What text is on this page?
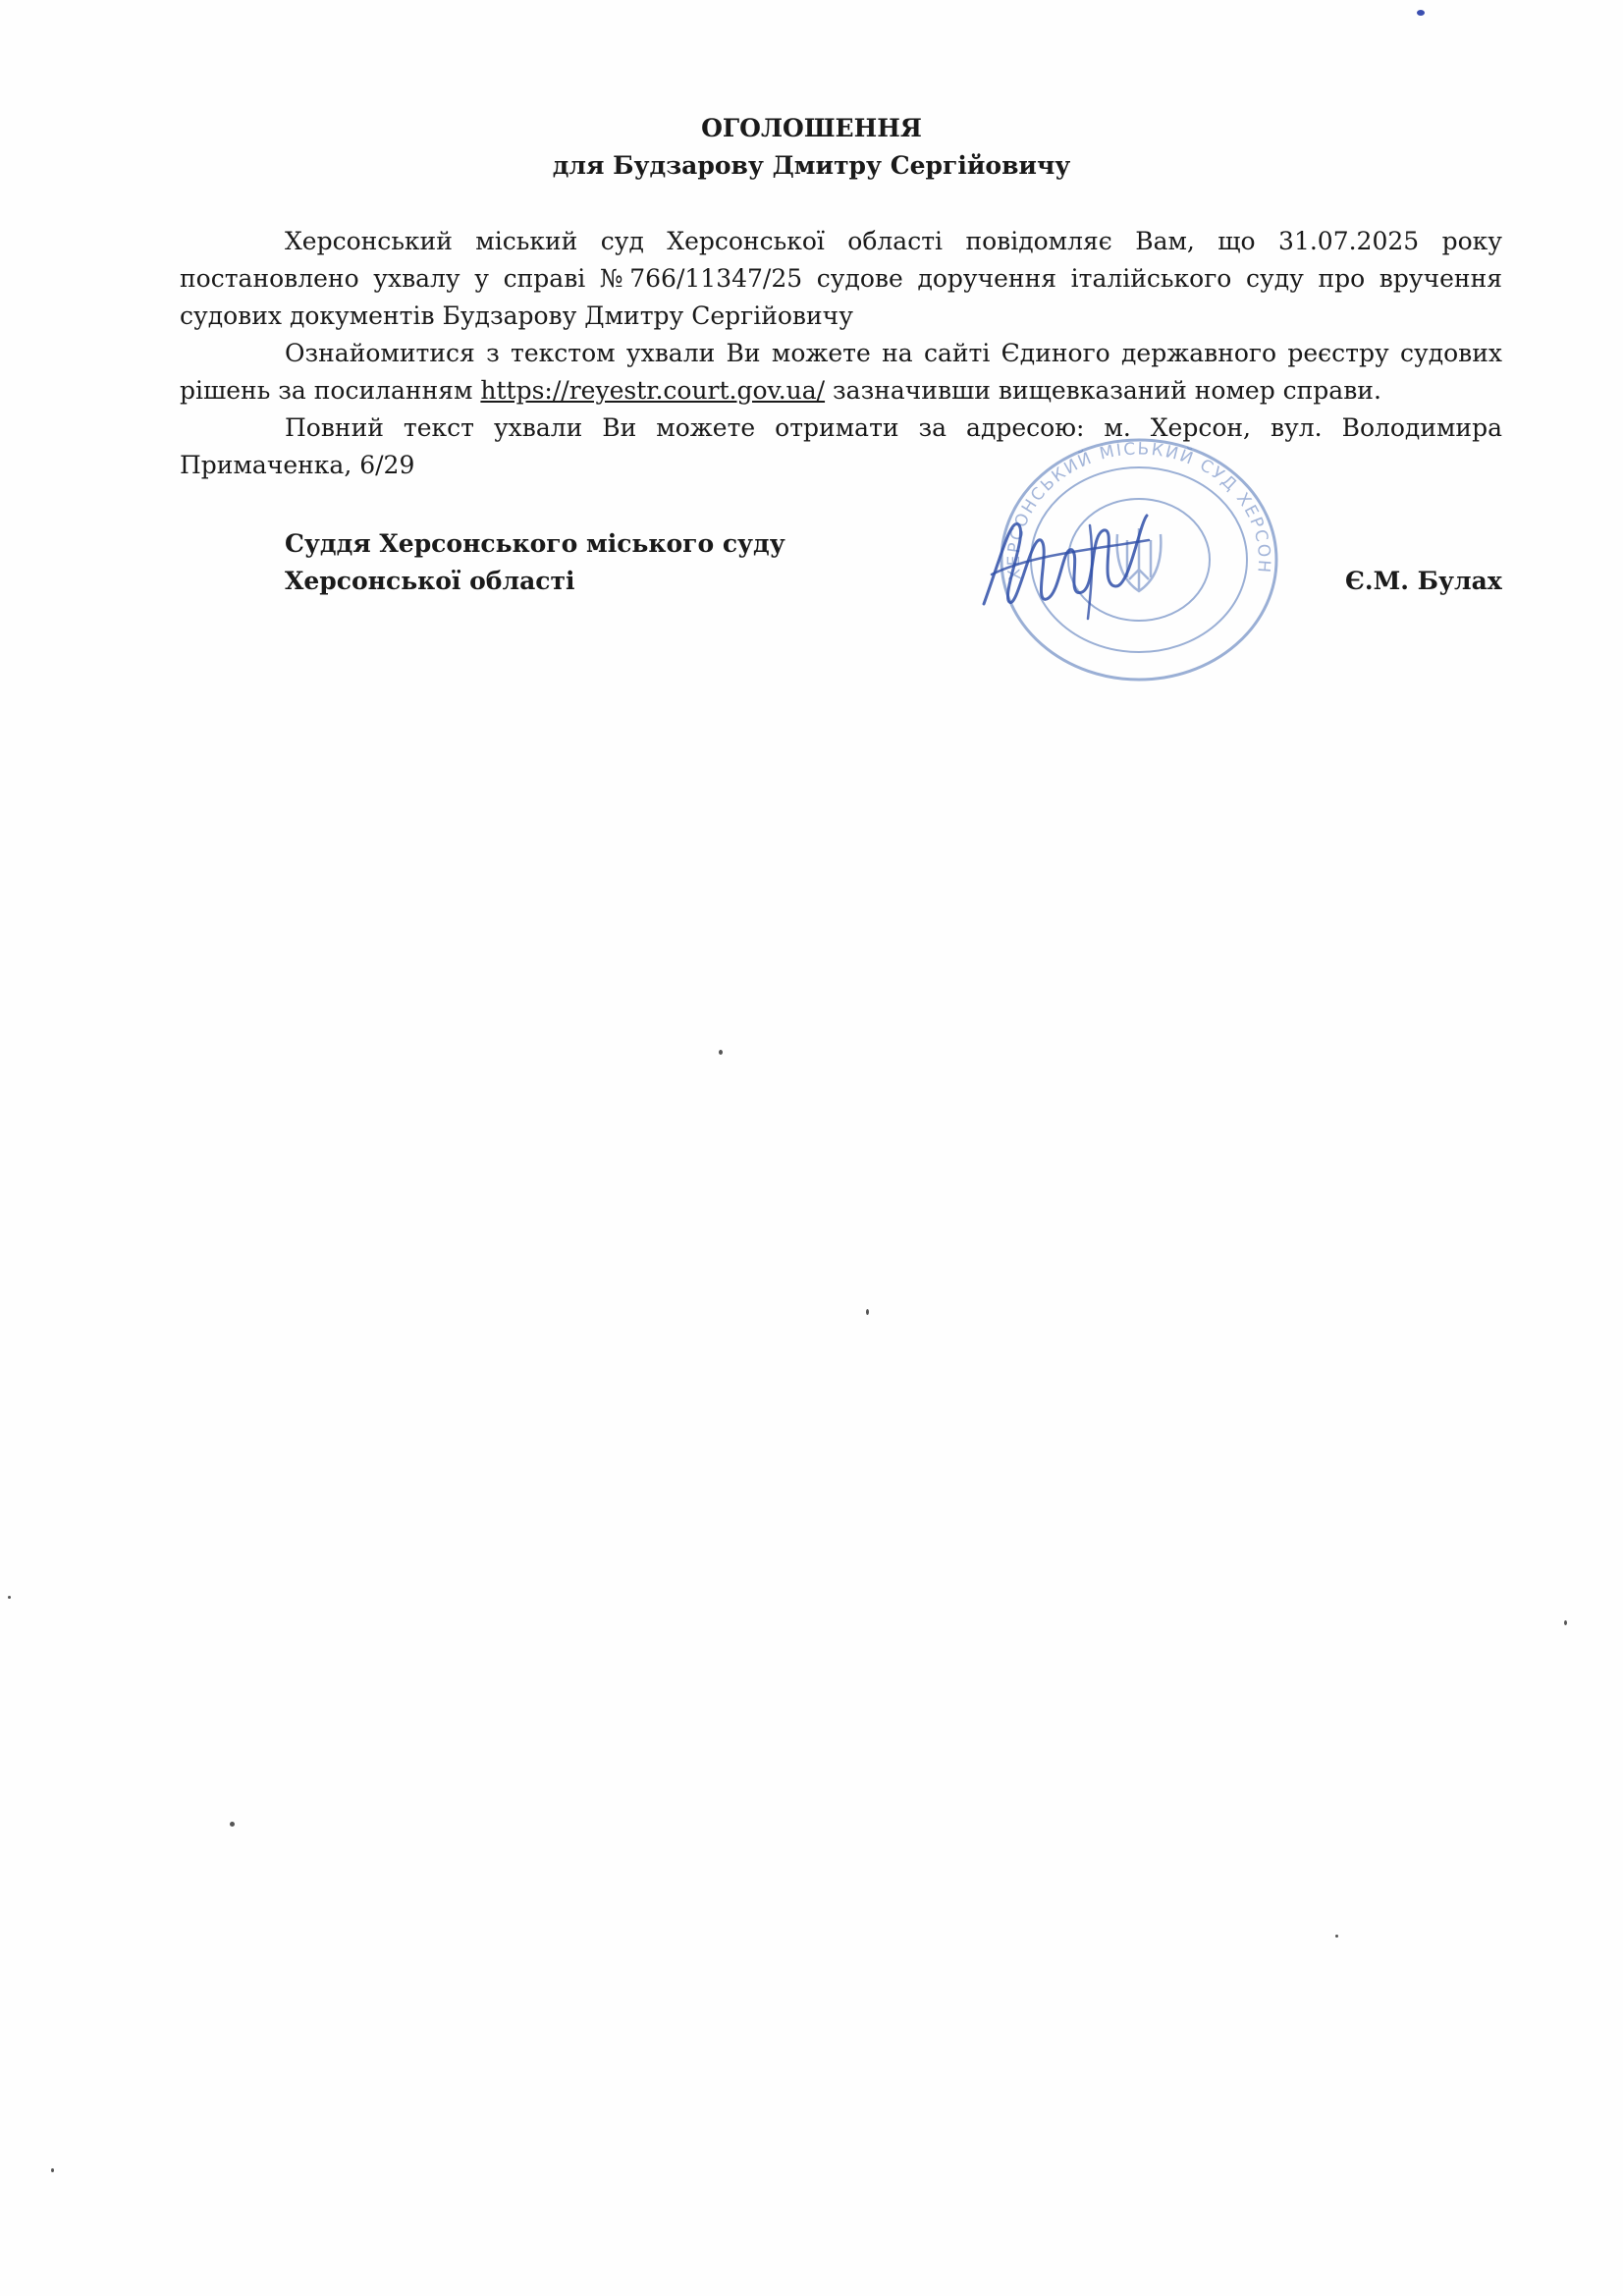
ОГОЛОШЕННЯ
для Будзарову Дмитру Сергійовичу

Херсонський міський суд Херсонської області повідомляє Вам, що 31.07.2025 року постановлено ухвалу у справі №766/11347/25 судове доручення італійського суду про вручення судових документів Будзарову Дмитру Сергійовичу

Ознайомитися з текстом ухвали Ви можете на сайті Єдиного державного реєстру судових рішень за посиланням https://reyestr.court.gov.ua/ зазначивши вищевказаний номер справи.

Повний текст ухвали Ви можете отримати за адресою: м. Херсон, вул. Володимира Примаченка, 6/29

ХЕРСОНСЬКИЙ МІСЬКИЙ СУД ХЕРСОН
Суддя Херсонського міського суду
Херсонської області	Є.М. Булах
